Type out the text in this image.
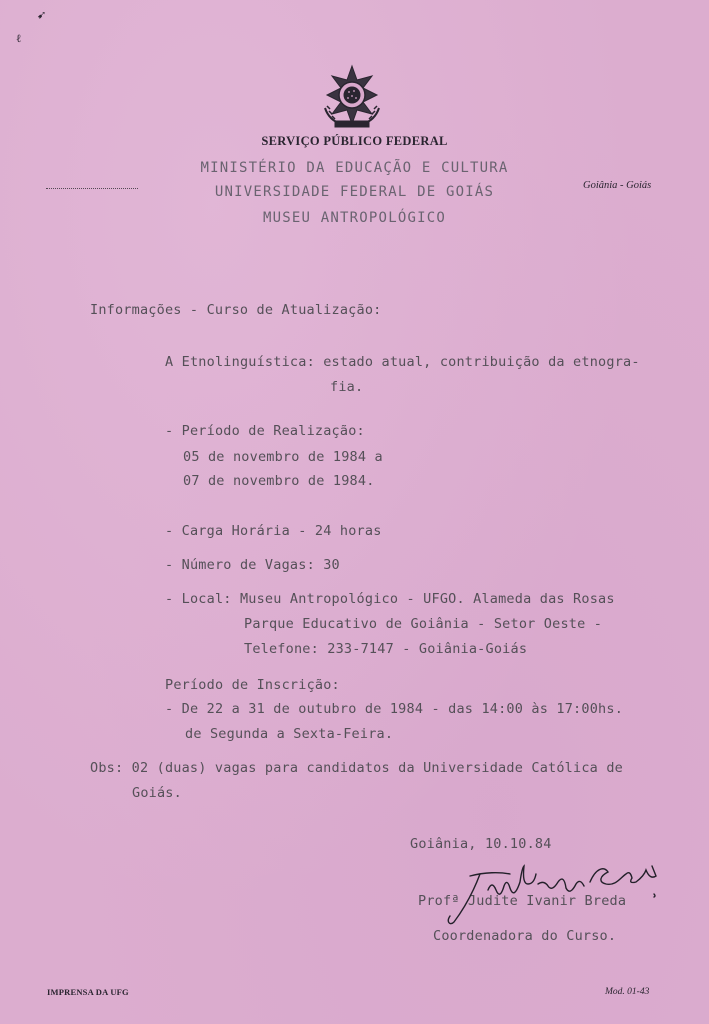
➹
ℓ
SERVIÇO PÚBLICO FEDERAL
MINISTÉRIO DA EDUCAÇÃO E CULTURA
UNIVERSIDADE FEDERAL DE GOIÁS
MUSEU ANTROPOLÓGICO
Goiânia - Goiás
Informações - Curso de Atualização:
A Etnolinguística: estado atual, contribuição da etnogra-
fia.
- Período de Realização:
05 de novembro de 1984 a
07 de novembro de 1984.
- Carga Horária - 24 horas
- Número de Vagas: 30
- Local: Museu Antropológico - UFGO. Alameda das Rosas
Parque Educativo de Goiânia - Setor Oeste -
Telefone: 233-7147 - Goiânia-Goiás
Período de Inscrição:
- De 22 a 31 de outubro de 1984 - das 14:00 às 17:00hs.
de Segunda a Sexta-Feira.
Obs: 02 (duas) vagas para candidatos da Universidade Católica de
Goiás.
Goiânia, 10.10.84
Profª Judite Ivanir Breda
Coordenadora do Curso.
IMPRENSA DA UFG	Mod. 01-43
